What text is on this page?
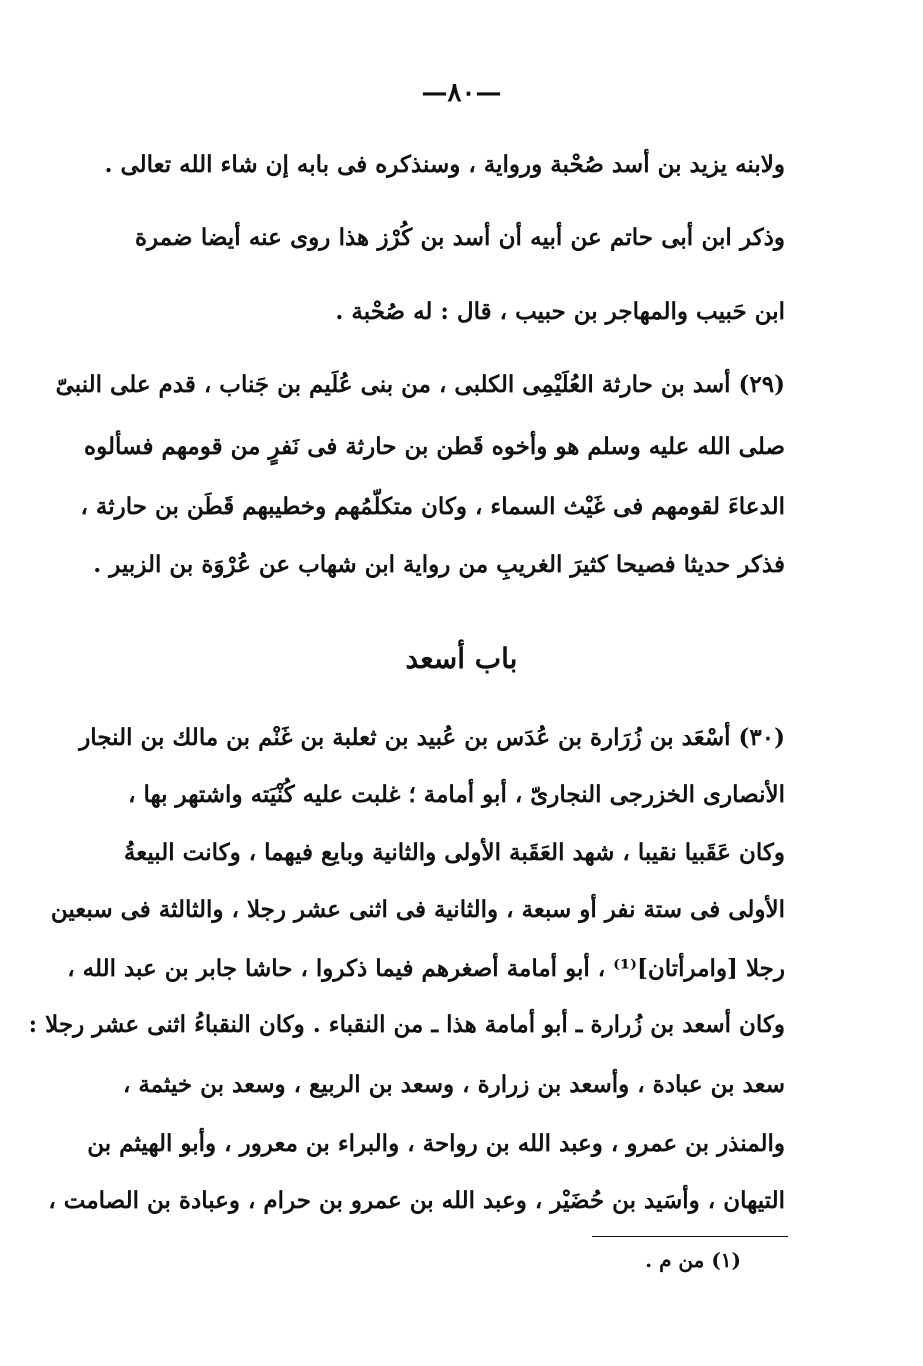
—٨٠—
ولابنه يزيد بن أسد صُحْبة ورواية ، وسنذكره فى بابه إن شاء الله تعالى .
وذكر ابن أبى حاتم عن أبيه أن أسد بن كُرْز هذا روى عنه أيضا ضمرة
ابن حَبيب والمهاجر بن حبيب ، قال : له صُحْبة .
(٢٩) أسد بن حارثة العُلَيْمِى الكلبى ، من بنى عُلَيم بن جَناب ، قدم على النبىّ
صلى الله عليه وسلم هو وأخوه قَطن بن حارثة فى نَفرٍ من قومهم فسألوه
الدعاءَ لقومهم فى غَيْث السماء ، وكان متكلّمُهم وخطيبهم قَطَن بن حارثة ،
فذكر حديثا فصيحا كثيرَ الغريبِ من رواية ابن شهاب عن عُرْوَة بن الزبير .
باب أسعد
(٣٠) أسْعَد بن زُرَارة بن عُدَس بن عُبيد بن ثعلبة بن غَنْم بن مالك بن النجار
الأنصارى الخزرجى النجارىّ ، أبو أمامة ؛ غلبت عليه كُنْيَته واشتهر بها ،
وكان عَقَبيا نقيبا ، شهد العَقَبة الأولى والثانية وبايع فيهما ، وكانت البيعةُ
الأولى فى ستة نفر أو سبعة ، والثانية فى اثنى عشر رجلا ، والثالثة فى سبعين
رجلا [وامرأتان]⁽¹⁾ ، أبو أمامة أصغرهم فيما ذكروا ، حاشا جابر بن عبد الله ،
وكان أسعد بن زُرارة ـ أبو أمامة هذا ـ من النقباء . وكان النقباءُ اثنى عشر رجلا :
سعد بن عبادة ، وأسعد بن زرارة ، وسعد بن الربيع ، وسعد بن خيثمة ،
والمنذر بن عمرو ، وعبد الله بن رواحة ، والبراء بن معرور ، وأبو الهيثم بن
التيهان ، وأسَيد بن حُضَيْر ، وعبد الله بن عمرو بن حرام ، وعبادة بن الصامت ،
(١) من م .
